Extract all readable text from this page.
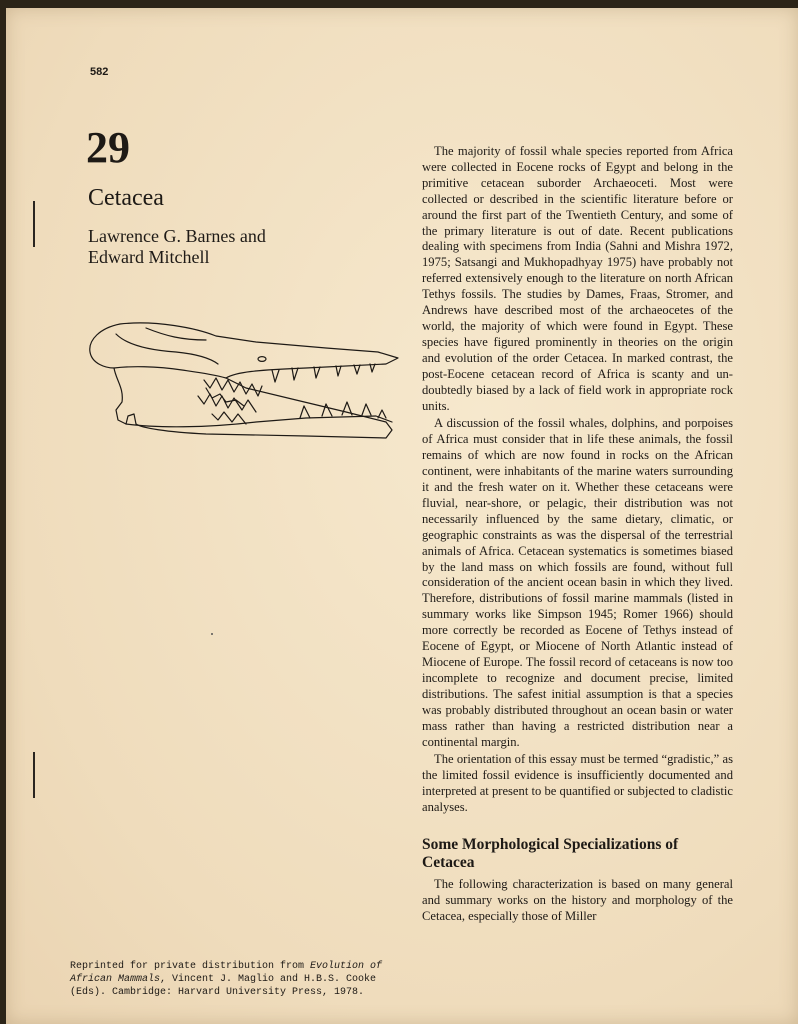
582
29
Cetacea
Lawrence G. Barnes and
Edward Mitchell
Reprinted for private distribution from Evolution of African Mammals, Vincent J. Maglio and H.B.S. Cooke (Eds). Cambridge: Harvard University Press, 1978.

The majority of fossil whale species reported from Africa were collected in Eocene rocks of Egypt and belong in the primitive cetacean suborder Archaeoceti. Most were collected or described in the scientific literature before or around the first part of the Twentieth Century, and some of the primary literature is out of date. Recent publications dealing with specimens from India (Sahni and Mishra 1972, 1975; Satsangi and Mukhopadhyay 1975) have probably not referred extensively enough to the literature on north African Tethys fossils. The studies by Dames, Fraas, Stromer, and Andrews have described most of the archaeocetes of the world, the majority of which were found in Egypt. These species have figured prominently in theories on the origin and evolution of the order Cetacea. In marked contrast, the post-Eocene cetacean record of Africa is scanty and undoubtedly biased by a lack of field work in appropriate rock units.

A discussion of the fossil whales, dolphins, and porpoises of Africa must consider that in life these animals, the fossil remains of which are now found in rocks on the African continent, were inhabitants of the marine waters surrounding it and the fresh water on it. Whether these cetaceans were fluvial, near-shore, or pelagic, their distribution was not necessarily influenced by the same dietary, climatic, or geographic constraints as was the dispersal of the terrestrial animals of Africa. Cetacean systematics is sometimes biased by the land mass on which fossils are found, without full consideration of the ancient ocean basin in which they lived. Therefore, distributions of fossil marine mammals (listed in summary works like Simpson 1945; Romer 1966) should more correctly be recorded as Eocene of Tethys instead of Eocene of Egypt, or Miocene of North Atlantic instead of Miocene of Europe. The fossil record of cetaceans is now too incomplete to recognize and document precise, limited distributions. The safest initial assumption is that a species was probably distributed throughout an ocean basin or water mass rather than having a restricted distribution near a continental margin.

The orientation of this essay must be termed “gradistic,” as the limited fossil evidence is insufficiently documented and interpreted at present to be quantified or subjected to cladistic analyses.

Some Morphological Specializations of Cetacea

The following characterization is based on many general and summary works on the history and morphology of the Cetacea, especially those of Miller
